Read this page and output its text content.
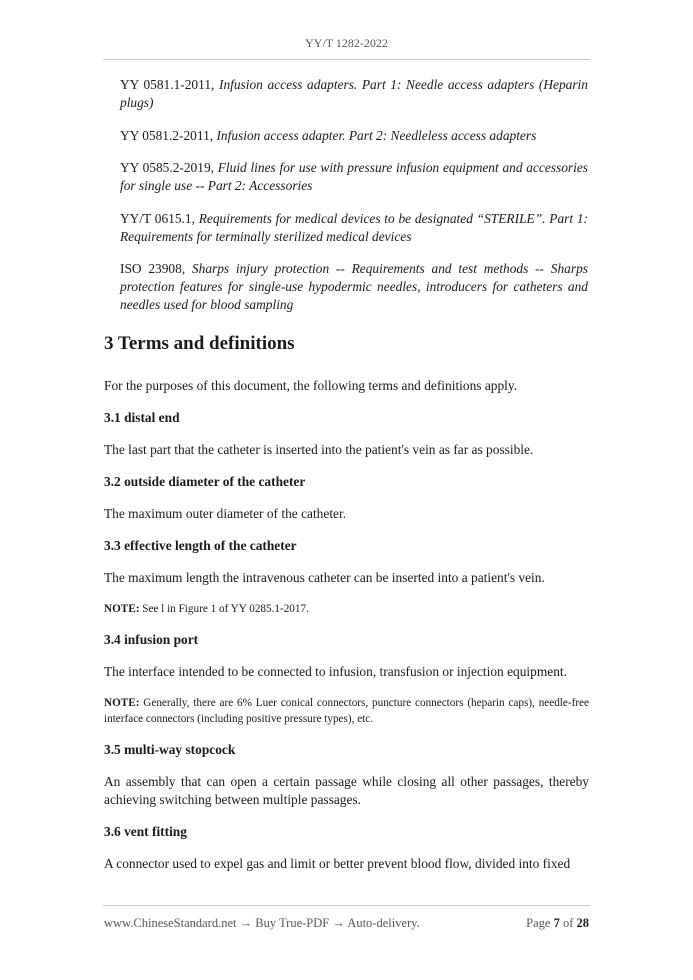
YY/T 1282-2022

YY 0581.1-2011, Infusion access adapters. Part 1: Needle access adapters (Heparin plugs)

YY 0581.2-2011, Infusion access adapter. Part 2: Needleless access adapters

YY 0585.2-2019, Fluid lines for use with pressure infusion equipment and accessories for single use -- Part 2: Accessories

YY/T 0615.1, Requirements for medical devices to be designated “STERILE”. Part 1: Requirements for terminally sterilized medical devices

ISO 23908, Sharps injury protection -- Requirements and test methods -- Sharps protection features for single-use hypodermic needles, introducers for catheters and needles used for blood sampling

3 Terms and definitions

For the purposes of this document, the following terms and definitions apply.

3.1 distal end

The last part that the catheter is inserted into the patient's vein as far as possible.

3.2 outside diameter of the catheter

The maximum outer diameter of the catheter.

3.3 effective length of the catheter

The maximum length the intravenous catheter can be inserted into a patient's vein.

NOTE: See l in Figure 1 of YY 0285.1-2017.

3.4 infusion port

The interface intended to be connected to infusion, transfusion or injection equipment.

NOTE: Generally, there are 6% Luer conical connectors, puncture connectors (heparin caps), needle-free interface connectors (including positive pressure types), etc.

3.5 multi-way stopcock

An assembly that can open a certain passage while closing all other passages, thereby achieving switching between multiple passages.

3.6 vent fitting

A connector used to expel gas and limit or better prevent blood flow, divided into fixed

www.ChineseStandard.net → Buy True-PDF → Auto-delivery.	Page 7 of 28
